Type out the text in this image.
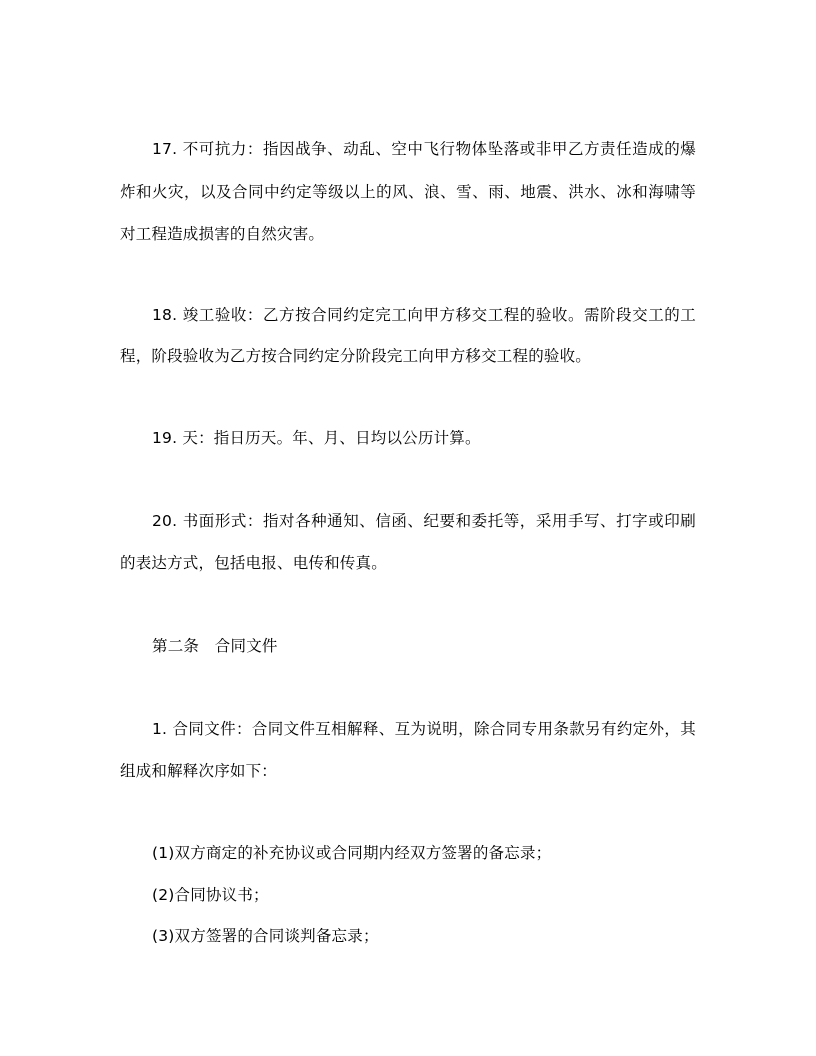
17. 不可抗力：指因战争、动乱、空中飞行物体坠落或非甲乙方责任造成的爆
炸和火灾，以及合同中约定等级以上的风、浪、雪、雨、地震、洪水、冰和海啸等
对工程造成损害的自然灾害。
18. 竣工验收：乙方按合同约定完工向甲方移交工程的验收。需阶段交工的工
程，阶段验收为乙方按合同约定分阶段完工向甲方移交工程的验收。
19. 天：指日历天。年、月、日均以公历计算。
20. 书面形式：指对各种通知、信函、纪要和委托等，采用手写、打字或印刷
的表达方式，包括电报、电传和传真。
第二条　合同文件
1. 合同文件：合同文件互相解释、互为说明，除合同专用条款另有约定外，其
组成和解释次序如下：
(1)双方商定的补充协议或合同期内经双方签署的备忘录；
(2)合同协议书；
(3)双方签署的合同谈判备忘录；
